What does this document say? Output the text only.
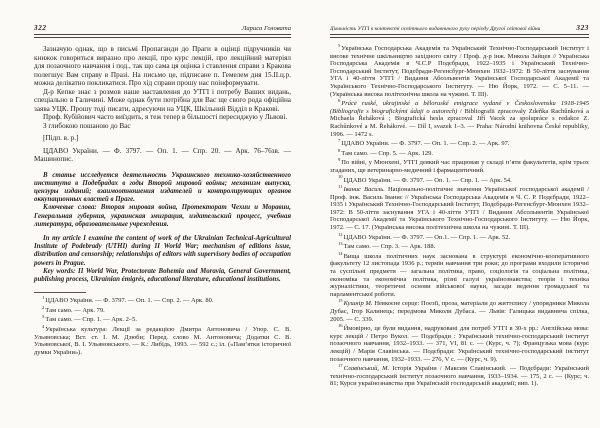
322	Лариса Головата

Зазначую однак, що в письмі Пропаганди до Праги в оцінці підручників чи книжок говориться виразно про лекції, про курс лекцій, про лекційний матеріял для позаочного навчання і под., так що сама ця оцінка і ставлення справи з Кракова полегшує Вам справу в Празі. На письмо це, підписане п. Гемелем дня 15.ІІ.ц.р. можна делікатно покликатися. Про хід справи прошу нас поінформувати.

Д-р Кепке знає з розмов наше наставлення до УТГІ і потребу Ваших видань, спеціально в Галичині. Може однак бути потрібна для Вас ще свого рода офіційна заява УЦК. Прошу тоді писати, адресуючи на УЦК, Шкільний Відділ в Кракові.

Проф. Кубійович часто виїздить, я теж тепер в більшості пересиджую у Львові.

З глибокою пошаною до Вас

[Підп. в. р.]

ЦДАВО України. — Ф. 3797. — Оп. 1. — Спр. 20. — Арк. 76–76зв. — Машинопис.

В статье исследуется деятельность Украинского технико-хозяйственного института в Подебрадах в годы Второй мировой войны; механизм выпуска, цензуры изданий; взаимоотношения издателей и контролирующих органов оккупационных властей в Праге.

Ключевые слова: Вторая мировая война, Протекторат Чехии и Моравии, Генеральная губерния, украинская эмиграция, издательский процесс, учебная литература, образовательные учреждения.

In my article I examine the content of work of the Ukrainian Technical-Agricultural Institute of Podebrady (UTHI) during II World War; mechanism of editions issue, distribution and censorship; relationships of editors with supervisory bodies of occupation powers in Prague.

Key words: II World War, Protectorate Bohemia and Moravia, General Government, publishing process, Ukrainian émigrés, educational literature, educational institutions.

$^1$ЦДАВО України. — Ф. 3797. — Оп. 1. — Спр. 2. — Арк. 80.

$^2$Там само. — Арк. 79.

$^3$Там само. — Спр. 1. — Арк. 2–5.

$^4$Українська культура: Лекції за редакцією Дмитра Антоновича / Упор. С. В. Ульяновська; Вст. ст. І. М. Дзюби; Перед. слово М. Антоновича; Додатки С. В. Ульяновської, В. І. Ульяновського. — К.: Либідь, 1993. — 592 с.; іл. («Пам’ятки історичної думки України»).

Діяльність УТГІ в контексті освітнього видавничого руху періоду Другої світової війни	323

$^5$Українська Господарська Академія та Український Технічно-Господарський Інститут і високе технічне шкільництво західного світу / Проф. д-р інж. Микола Зайцев // Українська Господарська Академія в Ч.С.Р Подєбради, 1922–1935 і Український Технічно-Господарський Інститут, Подєбради-Регенсбург-Мюнхен 1932–1972: В 50-ліття заснування УГА і 40-ліття УТГІ / Видання Абсольвентів Української Господарської Академії та Українського Технічно-Господарського Інституту. — Ню Йорк, 1972. — С. 5–11. — (Українська висока політехнічна школа на чужині. Т. ІІІ).

$^6$Práce ruské, ukrajinské a běloruské emigrace vydané v Československu 1918-1945 (Bibliografie s biografickými údaji o autorech) / Bibliografii zpracovaly Zdeňka Rachůnková a Michaela Řeháková ; Biografická hesla zpracoval Jiří Vacek za spolupráce s redakce Z. Rachůnkové a M. Řehákové. — Díl I, svazek 1–3. — Praha: Národní knihovna České republiky, 1996. — 1472 s.

$^7$ЦДАВО України. — Ф. 3797. — Оп. 1. — Спр. 2. — Арк. 97.

$^8$Там само. — Спр. 5. — Арк. 129.

$^9$По війні, у Мюнхені, УТГІ деякий час працював у складі п’яти факультетів, крім трьох згаданих, ще ветеринарно-медичний і фармацевтичний.

$^{10}$ЦДАВО України. — Ф. 3797. — Оп. 1. — Спр. 1. — Арк. 54.

$^{11}$Іванис Василь. Національно-політичне значення Української господарської академії / Проф. інж. Василь Іванис // Українська Господарська Академія в Ч. С. Р. Подєбради, 1922–1935 і Український Технічно-Господарський Інститут, Подєбради-Регенсбург-Мюнхен 1932–1972: В 50-ліття заснування УГА і 40-ліття УТГІ / Видання Абсольвентів Української Господарської Академії та Українського Технічно-Господарського Інституту. — Ню Йорк, 1972. — С. 17. (Українська висока політехнічна школа на чужині. Т. ІІІ).

$^{12}$ЦДАВО України. — Ф. 3797. — Оп.1. — Спр. 1. — Арк. 52.

$^{13}$Там само. — Спр. 3. — Арк. 188.

$^{14}$Вища школа політичних наук заснована в структурі економічно-кооперативного факультету 12 листопада 1936 р.; термін навчання три роки; до програми входили історичні та суспільні предмети — загальна політика, право, соціологія та соціальна політика, економіка та економічна політика, різні галузі українознавства; теорія і техніка журналістики, теоретичні основи військової науки, засади ведення громадської та парламентської роботи.

$^{15}$Кушнір М. Невкоєне серце: Поезії, проза, матеріали до життєпису / упорядники Микола Дубас, Ігор Калинець; передмова Миколи Дубаса. — Львів: Галицька видавнича спілка, 2005. — С. 339.

$^{16}$Ймовірно, це були видання, надруковані для потреб УТГІ в 30-х рр.: Англійська мова: курс лекцій / Петро Вукол. — Подєбради : Український технічно-господарський інститут позаочного навчання, 1932–1933. — 371, VI, 81 с. — (Курс, ч. 7); Французька мова (курс лекцій) / Марія Славінська. — Подєбради: Український технічно-господарський інститут позаочного навчання, 1932–1933. — 276, V с. — (Курс, ч. 9).

$^{17}$Славінський, М. Історія України / Максим Славінський. — Подєбради: Український технічно-господарський інститут позаочного навчання, 1933–1934. — 175, 2 с. — (Курс; ч. 81; Курси українознавства при Українській господарській академії; вип. 1).
